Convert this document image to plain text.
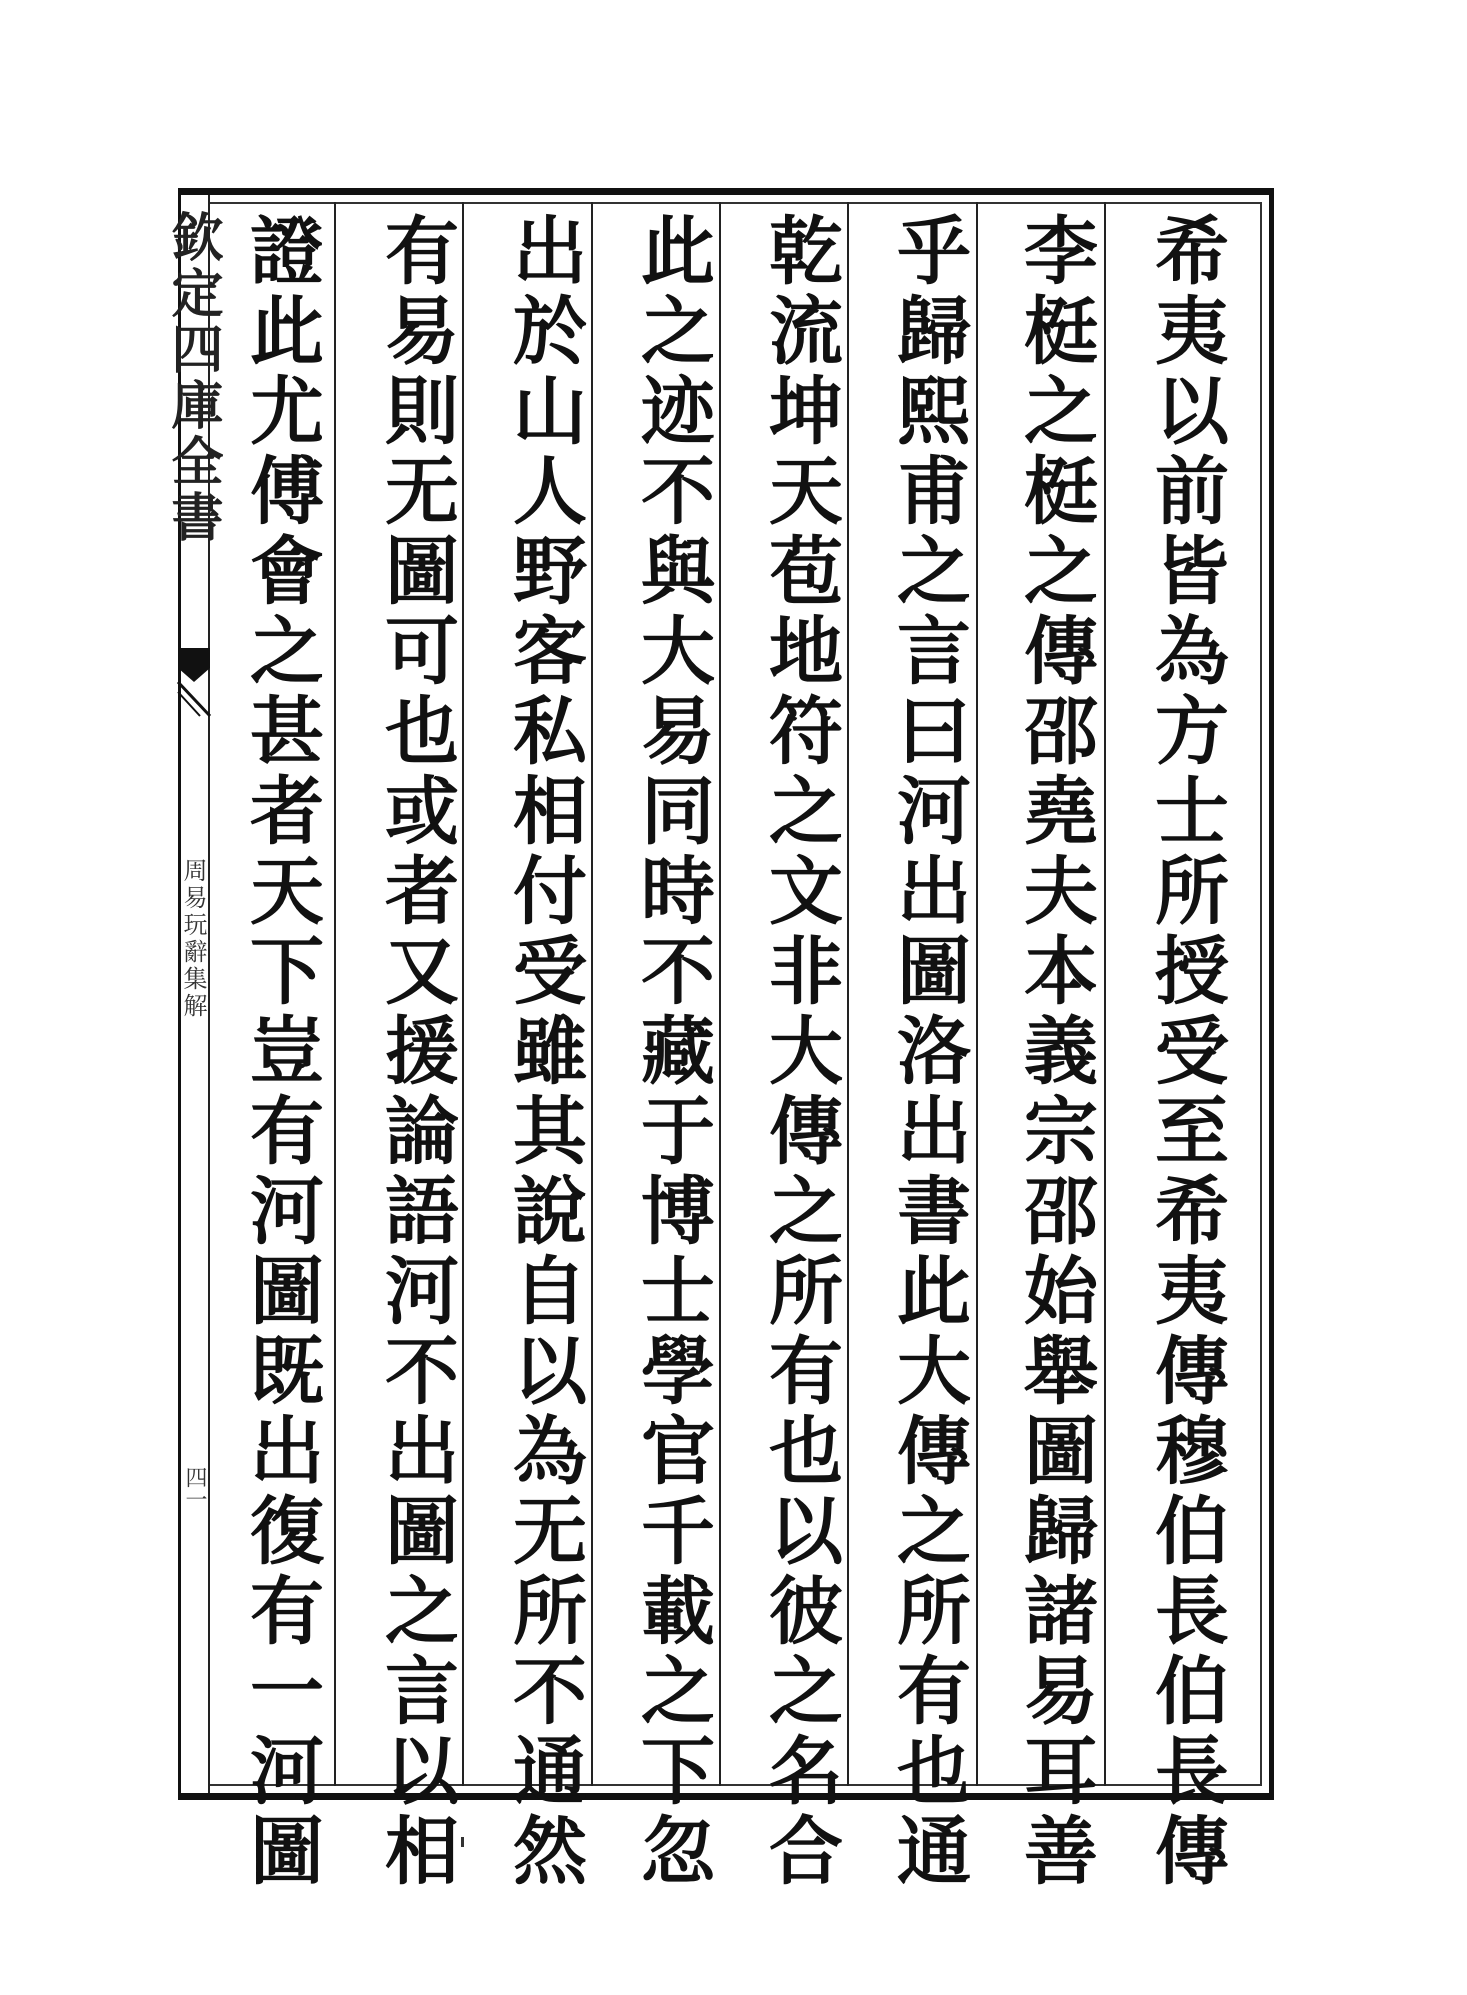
希夷以前皆為方士所授受至希夷傳穆伯長伯長傳
李梃之梃之傳邵堯夫本義宗邵始舉圖歸諸易耳善
乎歸熙甫之言曰河出圖洛出書此大傳之所有也通
乾流坤天苞地符之文非大傳之所有也以彼之名合
此之迹不與大易同時不藏于博士學官千載之下忽
出於山人野客私相付受雖其說自以為无所不通然
有易則无圖可也或者又援論語河不出圖之言以相
證此尤傅會之甚者天下豈有河圖既出復有一河圖
欽定四庫全書
周易玩辭集解
四一
